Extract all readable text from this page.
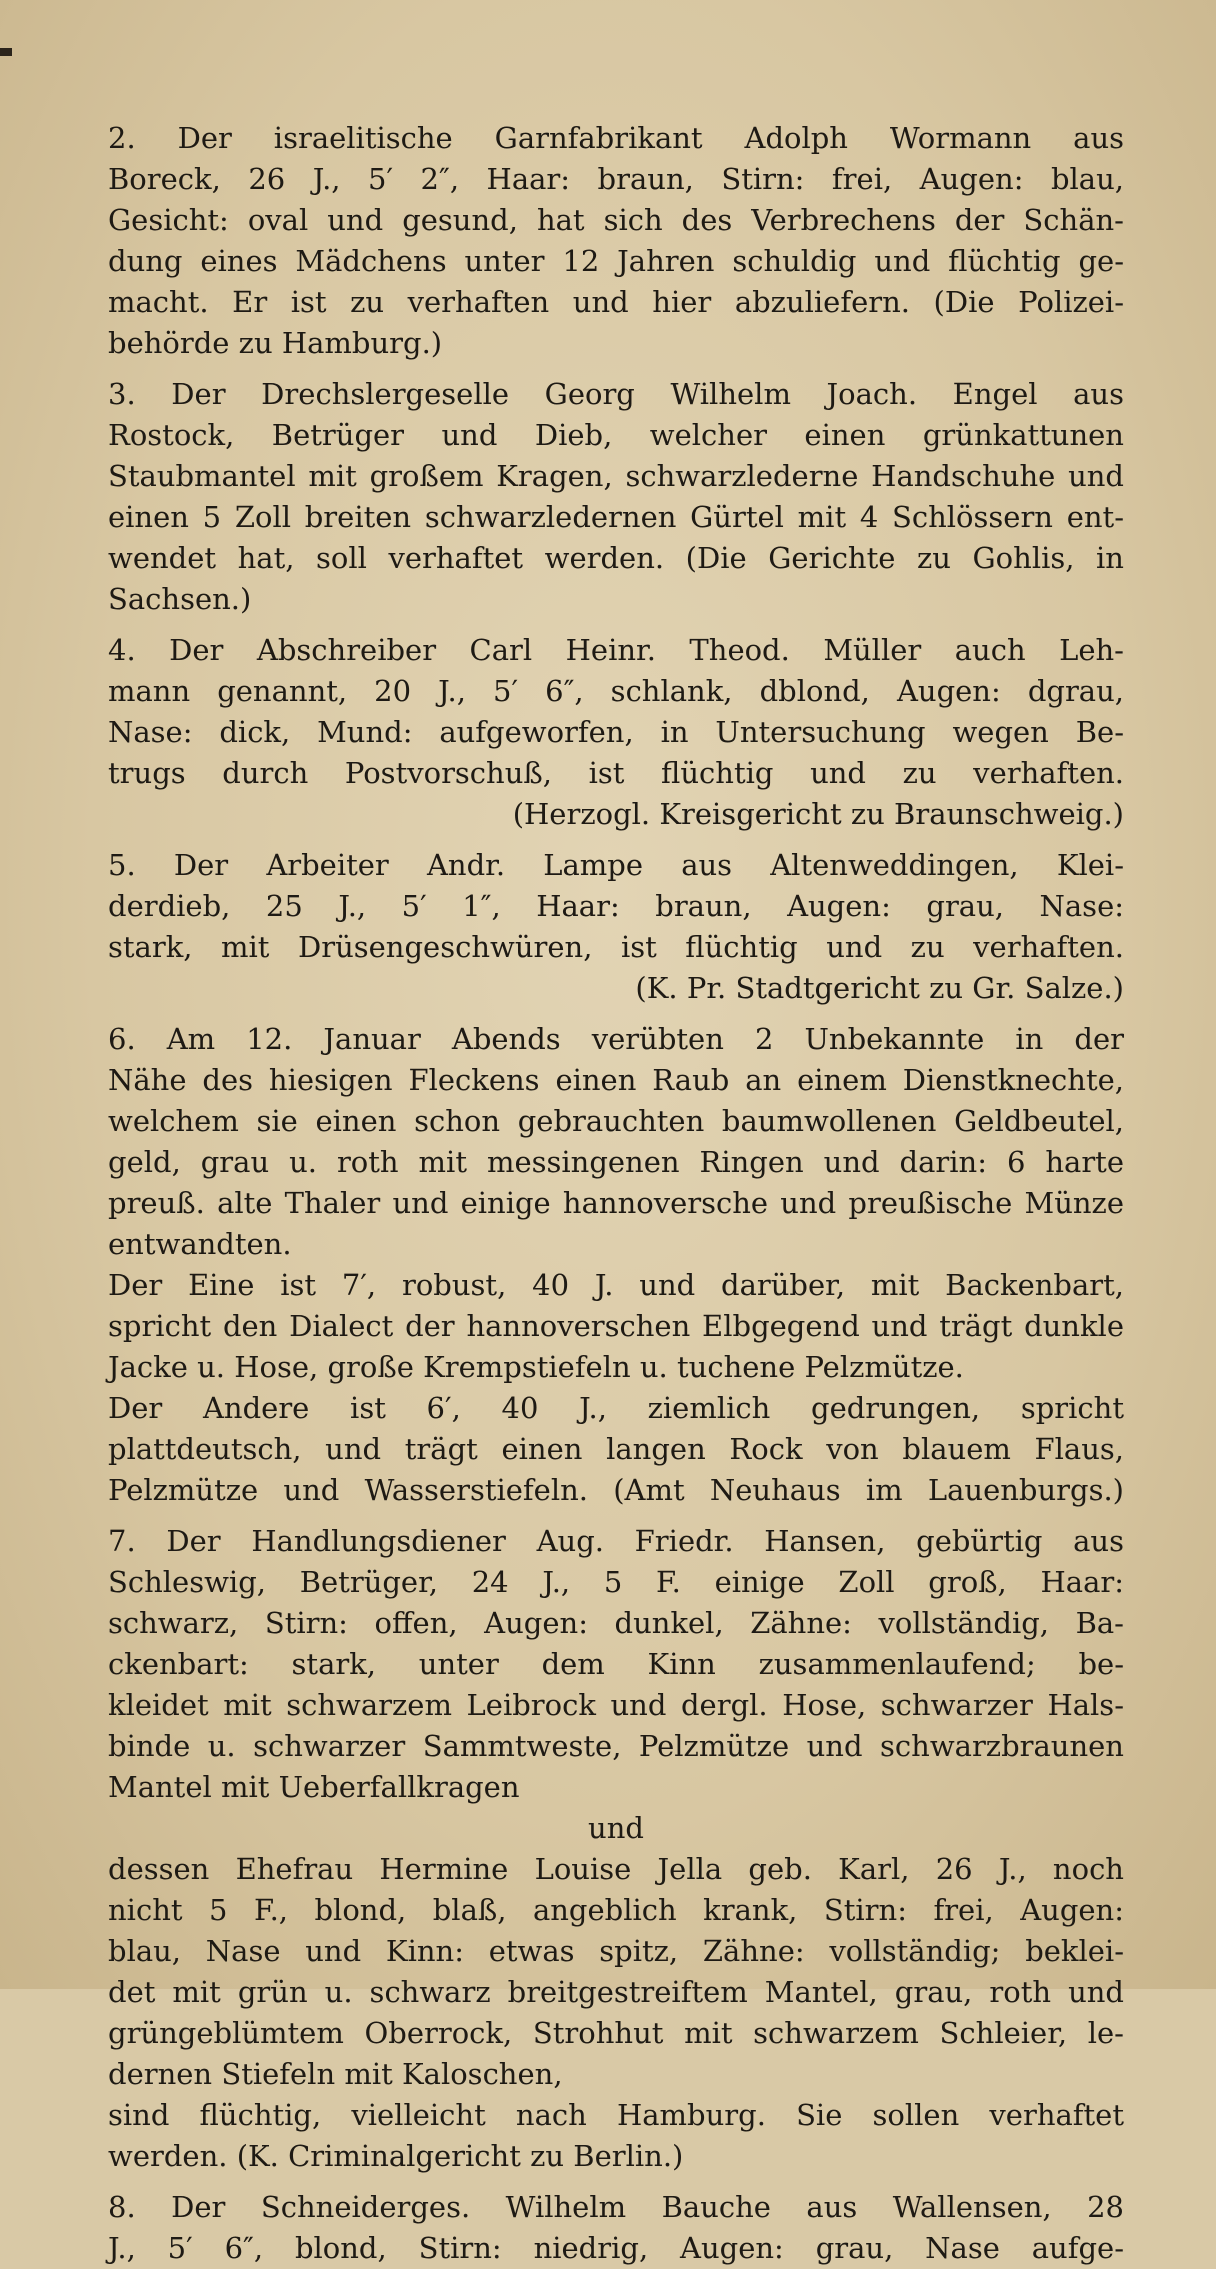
2. Der israelitische Garnfabrikant Adolph Wormann aus
Boreck, 26 J., 5′ 2″, Haar: braun, Stirn: frei, Augen: blau,
Gesicht: oval und gesund, hat sich des Verbrechens der Schän-
dung eines Mädchens unter 12 Jahren schuldig und flüchtig ge-
macht. Er ist zu verhaften und hier abzuliefern. (Die Polizei-
behörde zu Hamburg.)
3. Der Drechslergeselle Georg Wilhelm Joach. Engel aus
Rostock, Betrüger und Dieb, welcher einen grünkattunen
Staubmantel mit großem Kragen, schwarzlederne Handschuhe und
einen 5 Zoll breiten schwarzledernen Gürtel mit 4 Schlössern ent-
wendet hat, soll verhaftet werden. (Die Gerichte zu Gohlis, in
Sachsen.)
4. Der Abschreiber Carl Heinr. Theod. Müller auch Leh-
mann genannt, 20 J., 5′ 6″, schlank, dblond, Augen: dgrau,
Nase: dick, Mund: aufgeworfen, in Untersuchung wegen Be-
trugs durch Postvorschuß, ist flüchtig und zu verhaften.
(Herzogl. Kreisgericht zu Braunschweig.)
5. Der Arbeiter Andr. Lampe aus Altenweddingen, Klei-
derdieb, 25 J., 5′ 1″, Haar: braun, Augen: grau, Nase:
stark, mit Drüsengeschwüren, ist flüchtig und zu verhaften.
(K. Pr. Stadtgericht zu Gr. Salze.)
6. Am 12. Januar Abends verübten 2 Unbekannte in der
Nähe des hiesigen Fleckens einen Raub an einem Dienstknechte,
welchem sie einen schon gebrauchten baumwollenen Geldbeutel,
geld, grau u. roth mit messingenen Ringen und darin: 6 harte
preuß. alte Thaler und einige hannoversche und preußische Münze
entwandten.
Der Eine ist 7′, robust, 40 J. und darüber, mit Backenbart,
spricht den Dialect der hannoverschen Elbgegend und trägt dunkle
Jacke u. Hose, große Krempstiefeln u. tuchene Pelzmütze.
Der Andere ist 6′, 40 J., ziemlich gedrungen, spricht
plattdeutsch, und trägt einen langen Rock von blauem Flaus,
Pelzmütze und Wasserstiefeln. (Amt Neuhaus im Lauenburgs.)
7. Der Handlungsdiener Aug. Friedr. Hansen, gebürtig aus
Schleswig, Betrüger, 24 J., 5 F. einige Zoll groß, Haar:
schwarz, Stirn: offen, Augen: dunkel, Zähne: vollständig, Ba-
ckenbart: stark, unter dem Kinn zusammenlaufend; be-
kleidet mit schwarzem Leibrock und dergl. Hose, schwarzer Hals-
binde u. schwarzer Sammtweste, Pelzmütze und schwarzbraunen
Mantel mit Ueberfallkragen
und
dessen Ehefrau Hermine Louise Jella geb. Karl, 26 J., noch
nicht 5 F., blond, blaß, angeblich krank, Stirn: frei, Augen:
blau, Nase und Kinn: etwas spitz, Zähne: vollständig; beklei-
det mit grün u. schwarz breitgestreiftem Mantel, grau, roth und
grüngeblümtem Oberrock, Strohhut mit schwarzem Schleier, le-
dernen Stiefeln mit Kaloschen,
sind flüchtig, vielleicht nach Hamburg. Sie sollen verhaftet
werden. (K. Criminalgericht zu Berlin.)
8. Der Schneiderges. Wilhelm Bauche aus Wallensen, 28
J., 5′ 6″, blond, Stirn: niedrig, Augen: grau, Nase aufge-
